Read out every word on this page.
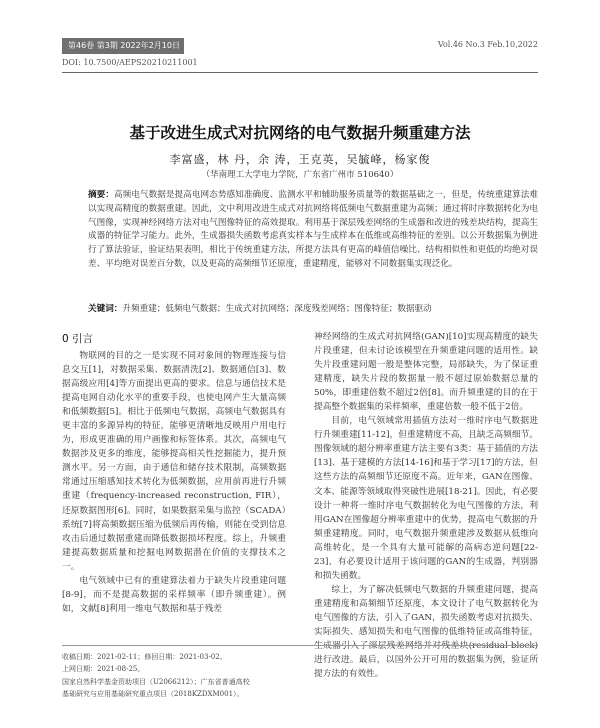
第46卷 第3期 2022年2月10日	Vol.46 No.3 Feb.10,2022
DOI: 10.7500/AEPS20210211001
基于改进生成式对抗网络的电气数据升频重建方法
李富盛，林 丹，余 涛，王克英，吴毓峰，杨家俊
（华南理工大学电力学院，广东省广州市 510640）
摘要：高频电气数据是提高电网态势感知准确度、监测水平和辅助服务质量等的数据基础之一，但是，传统重建算法难以实现高精度的数据重建。因此，文中利用改进生成式对抗网络将低频电气数据重建为高频；通过将时序数据转化为电气图像，实现神经网络方法对电气图像特征的高效提取。利用基于深层残差网络的生成器和改进的残差块结构，提高生成器的特征学习能力。此外，生成器损失函数考虑真实样本与生成样本在低维或高维特征的差别。以公开数据集为例进行了算法验证，验证结果表明，相比于传统重建方法，所提方法具有更高的峰值信噪比、结构相似性和更低的均绝对误差、平均绝对误差百分数，以及更高的高频细节还原度，重建精度，能够对不同数据集实现泛化。
关键词：升频重建；低频电气数据；生成式对抗网络；深度残差网络；图像特征；数据驱动
0 引言

物联网的目的之一是实现不同对象间的物理连接与信息交互[1]，对数据采集、数据清洗[2]、数据通信[3]、数据高级应用[4]等方面提出更高的要求。信息与通信技术是提高电网自动化水平的重要手段，也使电网产生大量高频和低频数据[5]。相比于低频电气数据，高频电气数据具有更丰富的多源异构的特征，能够更清晰地反映用户用电行为，形成更准确的用户画像和标签体系。其次，高频电气数据涉及更多的维度，能够提高相关性挖掘能力，提升预测水平。另一方面，由于通信和储存技术限制，高频数据常通过压缩感知技术转化为低频数据，应用前再进行升频重建（frequency-increased reconstruction, FIR），还原数据图形[6]。同时，如果数据采集与监控（SCADA）系统[7]将高频数据压缩为低频后再传输，则能在受到信息攻击后通过数据重建而降低数据损坏程度。综上，升频重建提高数据质量和挖掘电网数据潜在价值的支撑技术之一。

电气领域中已有的重建算法着力于缺失片段重建问题[8-9]，而不是提高数据的采样频率（即升频重建）。例如，文献[8]利用一维电气数据和基于残差

神经网络的生成式对抗网络(GAN)[10]实现高精度的缺失片段重建，但未讨论该模型在升频重建问题的适用性。缺失片段重建问题一般是整体完整，局部缺失，为了保证重建精度，缺失片段的数据量一般不超过原始数据总量的50%，即重建倍数不超过2倍[8]。而升频重建的目的在于提高整个数据集的采样频率，重建倍数一般不低于2倍。

目前，电气领域常用插值方法对一维时序电气数据进行升频重建[11-12]，但重建精度不高，且缺乏高频细节。图像领域的超分辨率重建方法主要有3类：基于插值的方法[13]、基于建模的方法[14-16]和基于学习[17]的方法，但这些方法的高频细节还原度不高。近年来，GAN在图像、文本、能源等领域取得突破性进展[18-21]。因此，有必要设计一种将一维时序电气数据转化为电气图像的方法，利用GAN在图像超分辨率重建中的优势，提高电气数据的升频重建精度。同时，电气数据升频重建涉及数据从低维向高维转化，是一个具有大量可能解的高病态逆问题[22-23]，有必要设计适用于该问题的GAN的生成器，判别器和损失函数。

综上，为了解决低频电气数据的升频重建问题，提高重建精度和高频细节还原度，本文设计了电气数据转化为电气图像的方法，引入了GAN，损失函数考虑对抗损失、实际损失、感知损失和电气图像的低维特征或高维特征，生成器引入了深层残差网络并对残差块(residual block)进行改进。最后，以国外公开可用的数据集为例，验证所提方法的有效性。

收稿日期：2021-02-11；修回日期：2021-03-02。
上网日期：2021-08-25。
国家自然科学基金资助项目（U2066212）；广东省普通高校
基础研究与应用基础研究重点项目（2018KZDXM001）。
